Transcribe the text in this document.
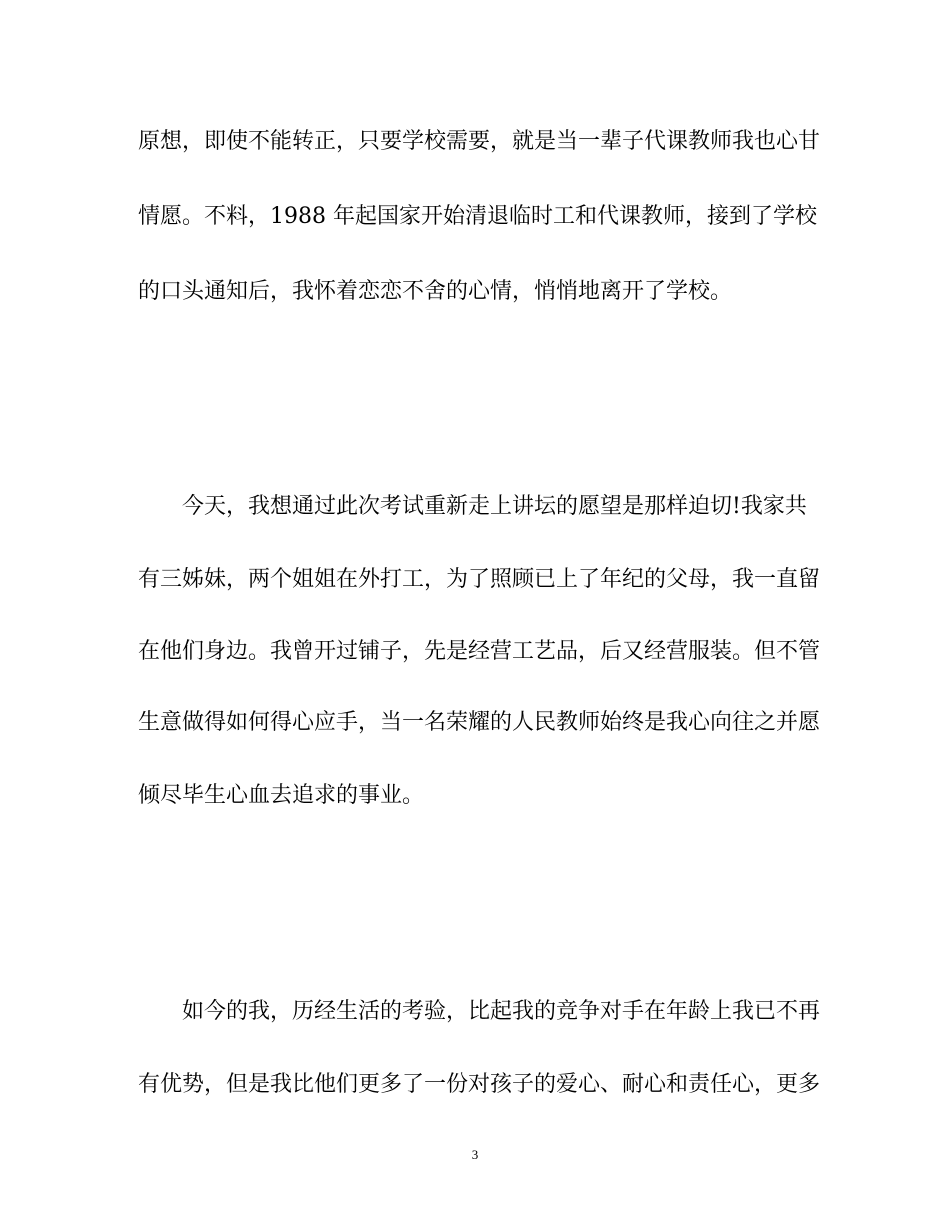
原想，即使不能转正，只要学校需要，就是当一辈子代课教师我也心甘

情愿。不料，1988 年起国家开始清退临时工和代课教师，接到了学校

的口头通知后，我怀着恋恋不舍的心情，悄悄地离开了学校。

今天，我想通过此次考试重新走上讲坛的愿望是那样迫切!我家共

有三姊妹，两个姐姐在外打工，为了照顾已上了年纪的父母，我一直留

在他们身边。我曾开过铺子，先是经营工艺品，后又经营服装。但不管

生意做得如何得心应手，当一名荣耀的人民教师始终是我心向往之并愿

倾尽毕生心血去追求的事业。

如今的我，历经生活的考验，比起我的竞争对手在年龄上我已不再

有优势，但是我比他们更多了一份对孩子的爱心、耐心和责任心，更多

3
